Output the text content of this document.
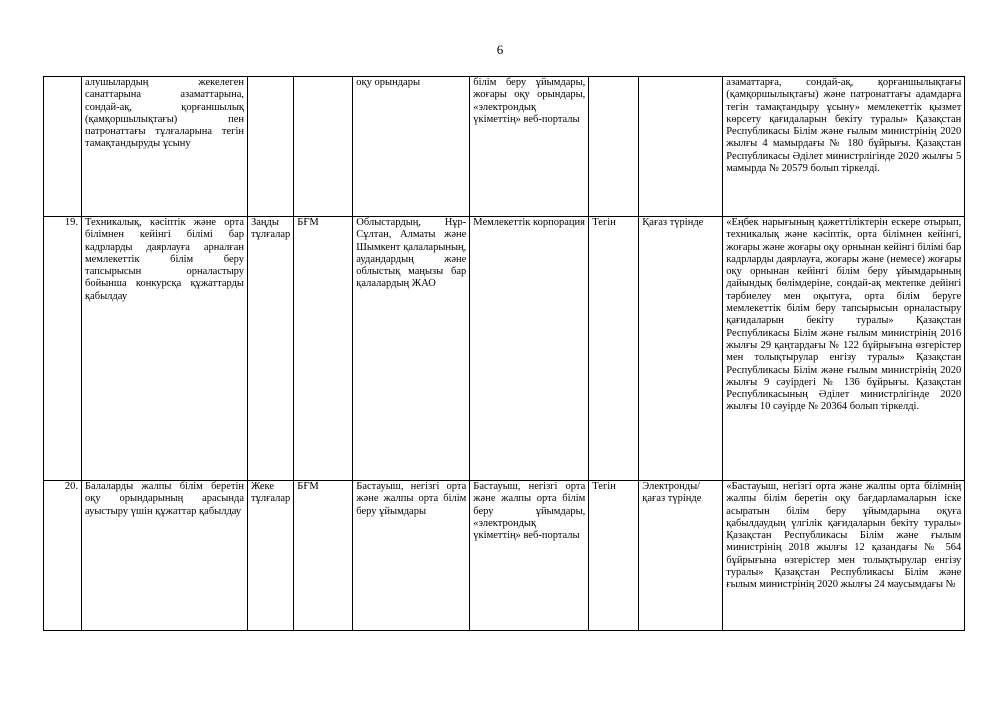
6
	алушылардың жекелеген санаттарына азаматтарына, сондай-ақ, қорғаншылық (қамқоршылықтағы) пен патронаттағы тұлғаларына тегін тамақтандыруды ұсыну			оқу орындары	білім беру ұйымдары, жоғары оқу орындары, «электрондық үкіметтің» веб-порталы			азаматтарға, сондай-ақ, қорғаншылықтағы (қамқоршылықтағы) және патронаттағы адамдарға тегін тамақтандыру ұсыну» мемлекеттік қызмет көрсету қағидаларын бекіту туралы» Қазақстан Республикасы Білім және ғылым министрінің 2020 жылғы 4 мамырдағы № 180 бұйрығы. Қазақстан Республикасы Әділет министрлігінде 2020 жылғы 5 мамырда № 20579 болып тіркелді.
19.	Техникалық, кәсіптік және орта білімнен кейінгі білімі бар кадрларды даярлауға арналған мемлекеттік білім беру тапсырысын орналастыру бойынша конкурсқа құжаттарды қабылдау	Заңды тұлғалар	БҒМ	Облыстардың, Нұр-Сұлтан, Алматы және Шымкент қалаларының, аудандардың және облыстық маңызы бар қалалардың ЖАО	Мемлекеттік корпорация	Тегін	Қағаз түрінде	«Еңбек нарығының қажеттіліктерін ескере отырып, техникалық және кәсіптік, орта білімнен кейінгі, жоғары және жоғары оқу орнынан кейінгі білімі бар кадрларды даярлауға, жоғары және (немесе) жоғары оқу орнынан кейінгі білім беру ұйымдарының дайындық бөлімдеріне, сондай-ақ мектепке дейінгі тәрбиелеу мен оқытуға, орта білім беруге мемлекеттік білім беру тапсырысын орналастыру қағидаларын бекіту туралы» Қазақстан Республикасы Білім және ғылым министрінің 2016 жылғы 29 қаңтардағы № 122 бұйрығына өзгерістер мен толықтырулар енгізу туралы» Қазақстан Республикасы Білім және ғылым министрінің 2020 жылғы 9 сәуірдегі № 136 бұйрығы. Қазақстан Республикасының Әділет министрлігінде 2020 жылғы 10 сәуірде № 20364 болып тіркелді.
20.	Балаларды жалпы білім беретін оқу орындарының арасында ауыстыру үшін құжаттар қабылдау	Жеке тұлғалар	БҒМ	Бастауыш, негізгі орта және жалпы орта білім беру ұйымдары	Бастауыш, негізгі орта және жалпы орта білім беру ұйымдары, «электрондық үкіметтің» веб-порталы	Тегін	Электронды/ қағаз түрінде	«Бастауыш, негізгі орта және жалпы орта білімнің жалпы білім беретін оқу бағдарламаларын іске асыратын білім беру ұйымдарына оқуға қабылдаудың үлгілік қағидаларын бекіту туралы» Қазақстан Республикасы Білім және ғылым министрінің 2018 жылғы 12 қазандағы № 564 бұйрығына өзгерістер мен толықтырулар енгізу туралы» Қазақстан Республикасы Білім және ғылым министрінің 2020 жылғы 24 маусымдағы №
